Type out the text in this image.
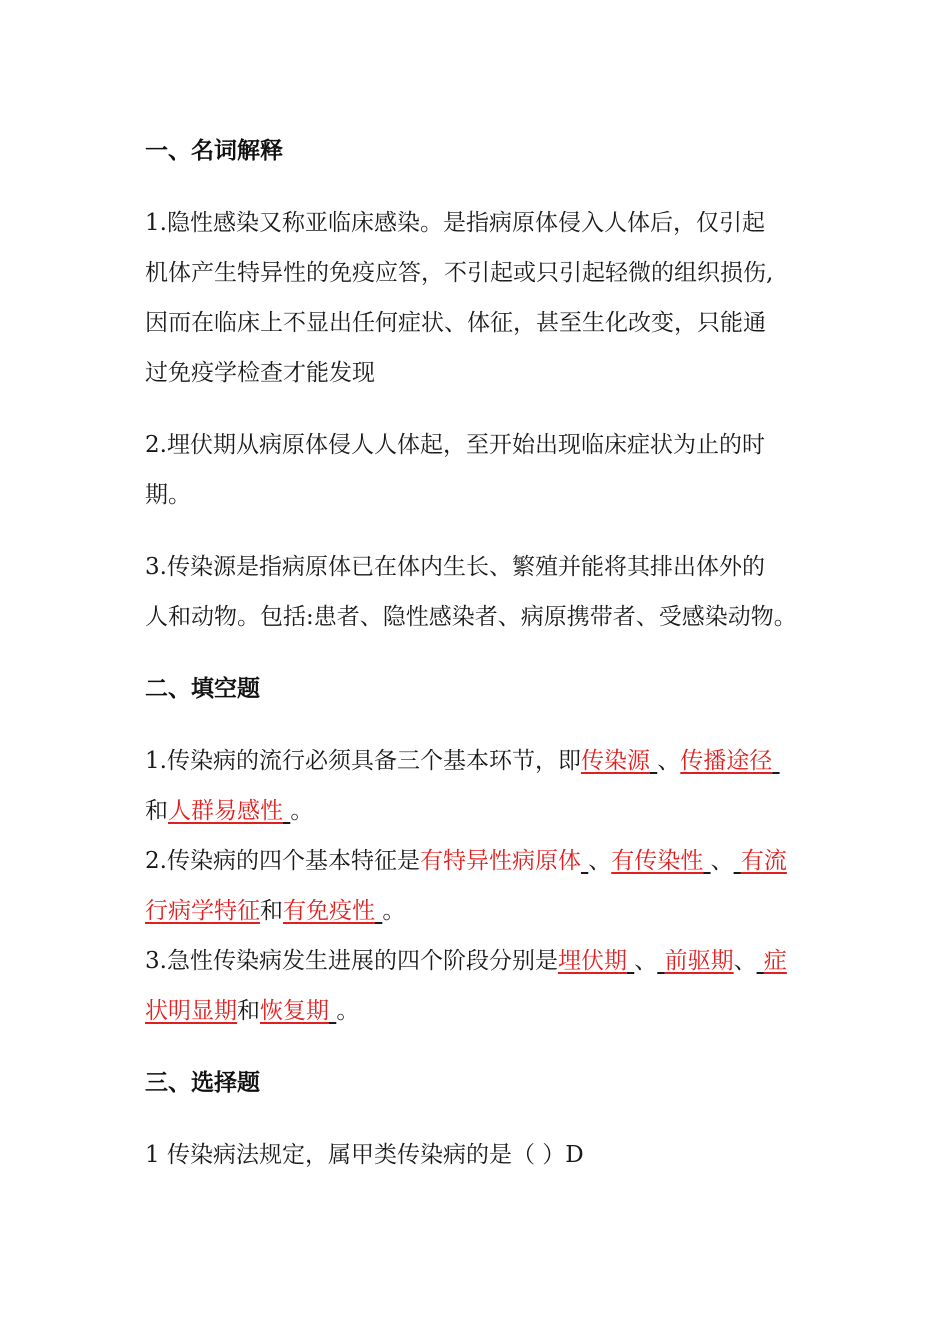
一、名词解释
1.隐性感染又称亚临床感染。是指病原体侵入人体后，仅引起
机体产生特异性的免疫应答，不引起或只引起轻微的组织损伤,
因而在临床上不显出任何症状、体征，甚至生化改变，只能通
过免疫学检查才能发现
2.埋伏期从病原体侵人人体起，至开始出现临床症状为止的时
期。
3.传染源是指病原体已在体内生长、繁殖并能将其排出体外的
人和动物。包括:患者、隐性感染者、病原携带者、受感染动物。
二、填空题
1.传染病的流行必须具备三个基本环节，即传染源 、传播途径
和人群易感性 。
2.传染病的四个基本特征是有特异性病原体 、有传染性 、 有流
行病学特征和有免疫性 。
3.急性传染病发生进展的四个阶段分别是埋伏期 、 前驱期、 症
状明显期和恢复期 。
三、选择题
1 传染病法规定，属甲类传染病的是（ ）D
